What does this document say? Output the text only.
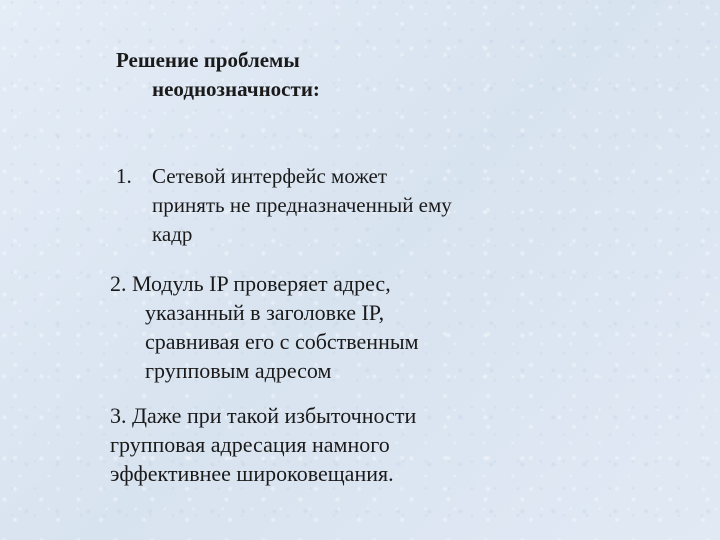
Решение проблемы
неоднозначности:
1. Сетевой интерфейс может
принять не предназначенный ему
кадр
2. Модуль IP проверяет адрес,
указанный в заголовке IP,
сравнивая его с собственным
групповым адресом
3. Даже при такой избыточности
групповая адресация намного
эффективнее широковещания.
